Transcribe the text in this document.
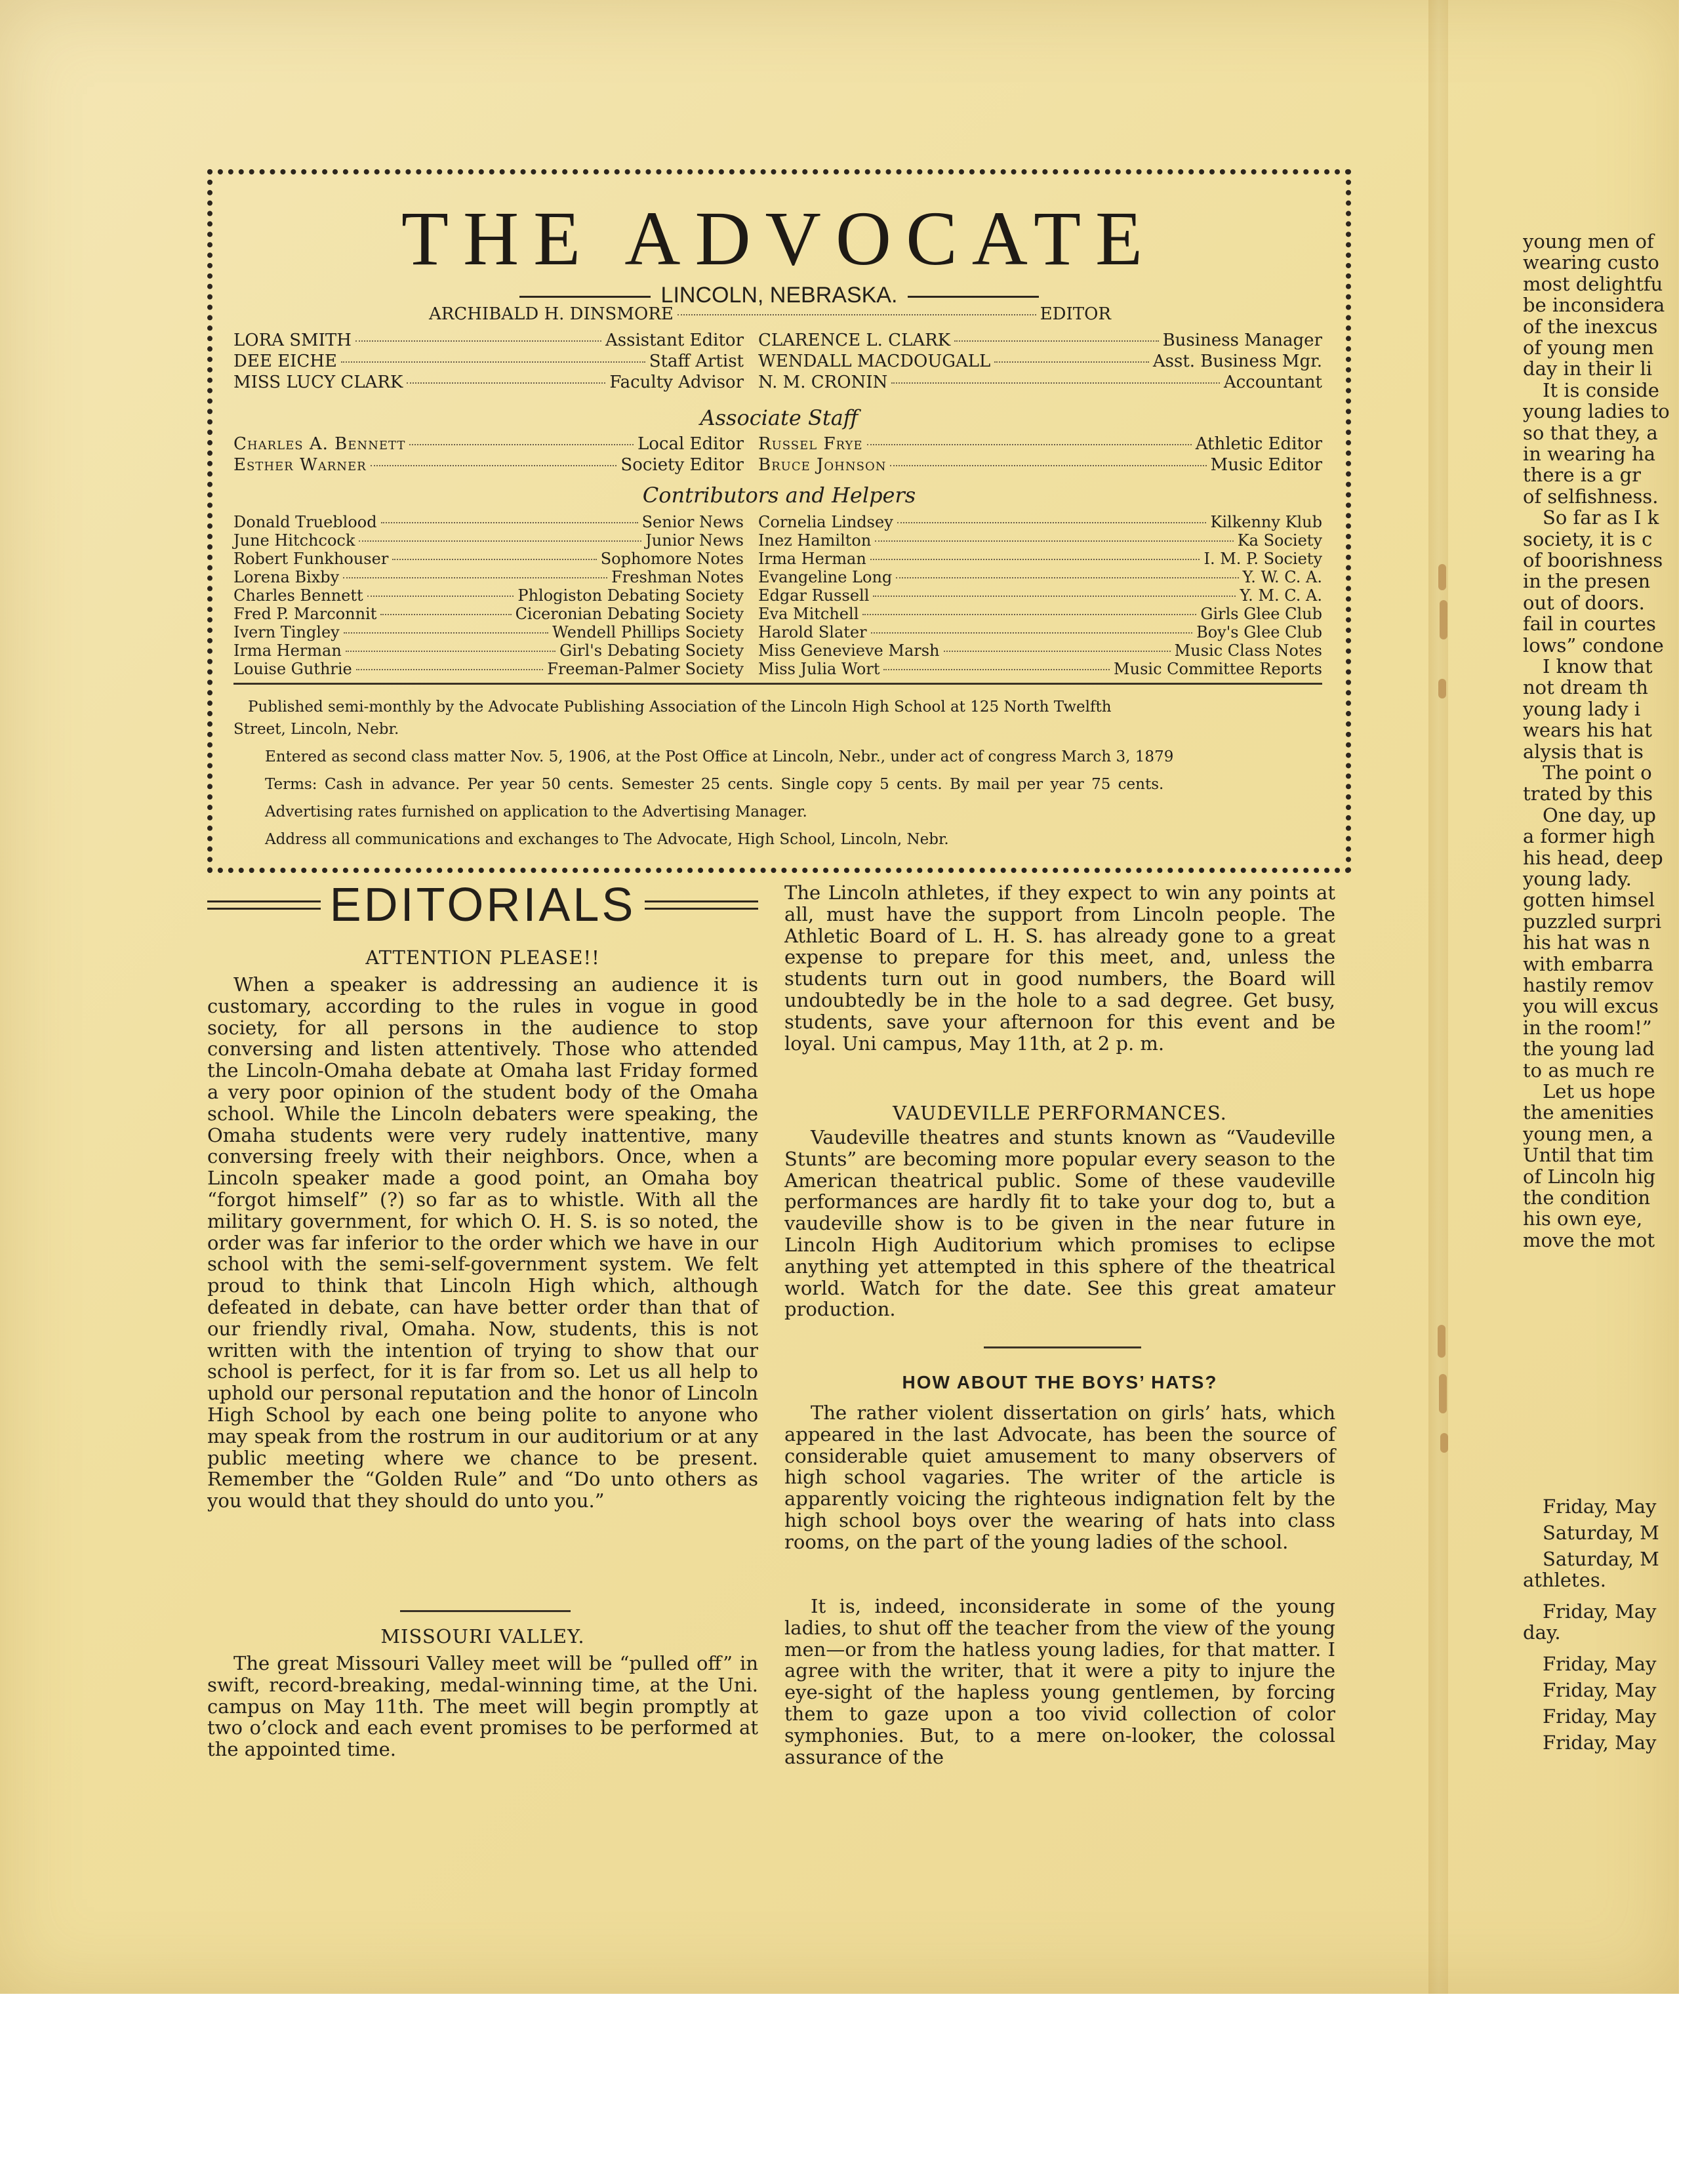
THE ADVOCATE
LINCOLN, NEBRASKA.
ARCHIBALD H. DINSMORE	EDITOR
LORA SMITH	Assistant Editor
DEE EICHE	Staff Artist
MISS LUCY CLARK	Faculty Advisor
CLARENCE L. CLARK	Business Manager
WENDALL MACDOUGALL	Asst. Business Mgr.
N. M. CRONIN	Accountant
Associate Staff
Charles A. Bennett	Local Editor
Esther Warner	Society Editor
Russel Frye	Athletic Editor
Bruce Johnson	Music Editor
Contributors and Helpers
Donald Trueblood	Senior News
June Hitchcock	Junior News
Robert Funkhouser	Sophomore Notes
Lorena Bixby	Freshman Notes
Charles Bennett	Phlogiston Debating Society
Fred P. Marconnit	Ciceronian Debating Society
Ivern Tingley	Wendell Phillips Society
Irma Herman	Girl's Debating Society
Louise Guthrie	Freeman-Palmer Society
Cornelia Lindsey	Kilkenny Klub
Inez Hamilton	Ka Society
Irma Herman	I. M. P. Society
Evangeline Long	Y. W. C. A.
Edgar Russell	Y. M. C. A.
Eva Mitchell	Girls Glee Club
Harold Slater	Boy's Glee Club
Miss Genevieve Marsh	Music Class Notes
Miss Julia Wort	Music Committee Reports
Published semi-monthly by the Advocate Publishing Association of the Lincoln High School at 125 North Twelfth
Street, Lincoln, Nebr.
Entered as second class matter Nov. 5, 1906, at the Post Office at Lincoln, Nebr., under act of congress March 3, 1879
Terms: Cash in advance. Per year 50 cents. Semester 25 cents. Single copy 5 cents. By mail per year 75 cents.
Advertising rates furnished on application to the Advertising Manager.
Address all communications and exchanges to The Advocate, High School, Lincoln, Nebr.
EDITORIALS
ATTENTION PLEASE!!
When a speaker is addressing an audience it is customary, according to the rules in vogue in good society, for all persons in the audience to stop conversing and listen attentively. Those who attended the Lincoln-Omaha debate at Omaha last Friday formed a very poor opinion of the student body of the Omaha school. While the Lincoln debaters were speaking, the Omaha students were very rudely inattentive, many conversing freely with their neighbors. Once, when a Lincoln speaker made a good point, an Omaha boy “forgot himself” (?) so far as to whistle. With all the military government, for which O. H. S. is so noted, the order was far inferior to the order which we have in our school with the semi-self-government system. We felt proud to think that Lincoln High which, although defeated in debate, can have better order than that of our friendly rival, Omaha. Now, students, this is not written with the intention of trying to show that our school is perfect, for it is far from so. Let us all help to uphold our personal reputation and the honor of Lincoln High School by each one being polite to anyone who may speak from the rostrum in our auditorium or at any public meeting where we chance to be present. Remember the “Golden Rule” and “Do unto others as you would that they should do unto you.”
MISSOURI VALLEY.
The great Missouri Valley meet will be “pulled off” in swift, record-breaking, medal-winning time, at the Uni. campus on May 11th. The meet will begin promptly at two o’clock and each event promises to be performed at the appointed time.
The Lincoln athletes, if they expect to win any points at all, must have the support from Lincoln people. The Athletic Board of L. H. S. has already gone to a great expense to prepare for this meet, and, unless the students turn out in good numbers, the Board will undoubtedly be in the hole to a sad degree. Get busy, students, save your afternoon for this event and be loyal. Uni campus, May 11th, at 2 p. m.
VAUDEVILLE PERFORMANCES.
Vaudeville theatres and stunts known as “Vaudeville Stunts” are becoming more popular every season to the American theatrical public. Some of these vaudeville performances are hardly fit to take your dog to, but a vaudeville show is to be given in the near future in Lincoln High Auditorium which promises to eclipse anything yet attempted in this sphere of the theatrical world. Watch for the date. See this great amateur production.
HOW ABOUT THE BOYS’ HATS?
The rather violent dissertation on girls’ hats, which appeared in the last Advocate, has been the source of considerable quiet amusement to many observers of high school vagaries. The writer of the article is apparently voicing the righteous indignation felt by the high school boys over the wearing of hats into class rooms, on the part of the young ladies of the school.
It is, indeed, inconsiderate in some of the young ladies, to shut off the teacher from the view of the young men—or from the hatless young ladies, for that matter. I agree with the writer, that it were a pity to injure the eye-sight of the hapless young gentlemen, by forcing them to gaze upon a too vivid collection of color symphonies. But, to a mere on-looker, the colossal assurance of the
young men of
wearing custo
most delightfu
be inconsidera
of the inexcus
of young men
day in their li
It is conside
young ladies to
so that they, a
in wearing ha
there is a gr
of selfishness.
So far as I k
society, it is c
of boorishness
in the presen
out of doors.
fail in courtes
lows” condone
I know that
not dream th
young lady i
wears his hat
alysis that is
The point o
trated by this
One day, up
a former high
his head, deep
young lady.
gotten himsel
puzzled surpri
his hat was n
with embarra
hastily remov
you will excus
in the room!”
the young lad
to as much re
Let us hope
the amenities
young men, a
Until that tim
of Lincoln hig
the condition
his own eye,
move the mot
Friday, May
Saturday, M
Saturday, M
athletes.
Friday, May
day.
Friday, May
Friday, May
Friday, May
Friday, May
